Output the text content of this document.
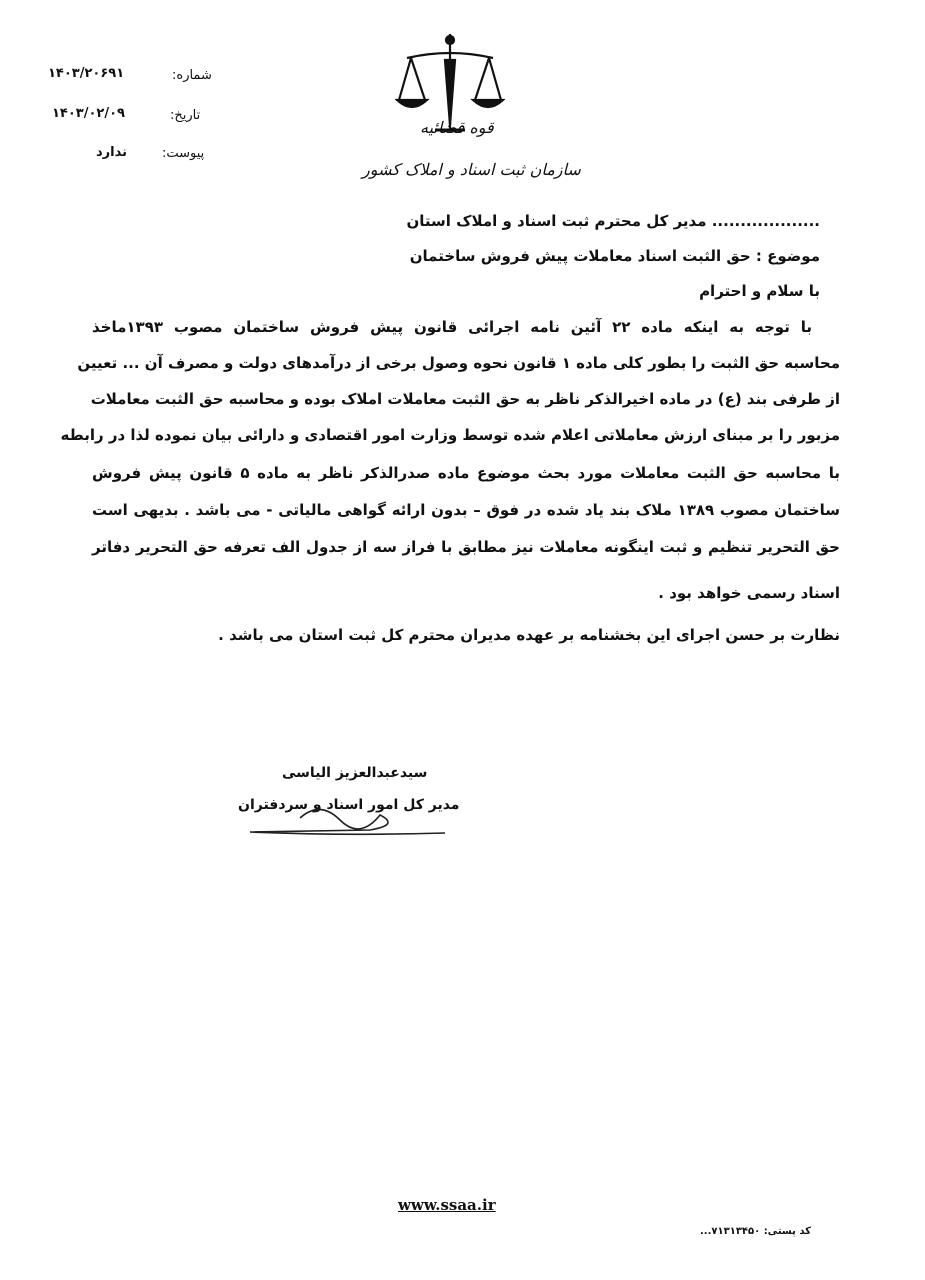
قوه قضائیه
سازمان ثبت اسناد و املاک کشور
شماره:
۱۴۰۳/۲۰۶۹۱
تاریخ:
۱۴۰۳/۰۲/۰۹
پیوست:
ندارد
مدیر کل محترم ثبت اسناد و املاک استان ...................
موضوع : حق الثبت اسناد معاملات پیش فروش ساختمان
با سلام و احترام
با توجه به اینکه ماده ۲۲ آئین نامه اجرائی قانون پیش فروش ساختمان مصوب ۱۳۹۳ماخذ
محاسبه حق الثبت را بطور کلی ماده ۱ قانون نحوه وصول برخی از درآمدهای دولت و مصرف آن ... تعیین
از طرفی بند (ع) در ماده اخیرالذکر ناظر به حق الثبت معاملات املاک بوده و محاسبه حق الثبت معاملات
مزبور را بر مبنای ارزش معاملاتی اعلام شده توسط وزارت امور اقتصادی و دارائی بیان نموده لذا در رابطه
با محاسبه حق الثبت معاملات مورد بحث موضوع ماده صدرالذکر ناظر به ماده ۵ قانون پیش فروش
ساختمان مصوب ۱۳۸۹ ملاک بند یاد شده در فوق – بدون ارائه گواهی مالیاتی - می باشد . بدیهی است
حق التحریر تنظیم و ثبت اینگونه معاملات نیز مطابق با فراز سه از جدول الف تعرفه حق التحریر دفاتر
اسناد رسمی خواهد بود .
نظارت بر حسن اجرای این بخشنامه بر عهده مدیران محترم کل ثبت استان می باشد .
سیدعبدالعزیز الیاسی
مدیر کل امور اسناد و سردفتران
www.ssaa.ir
کد پستی: ۷۱۳۱۳۴۵۰...
